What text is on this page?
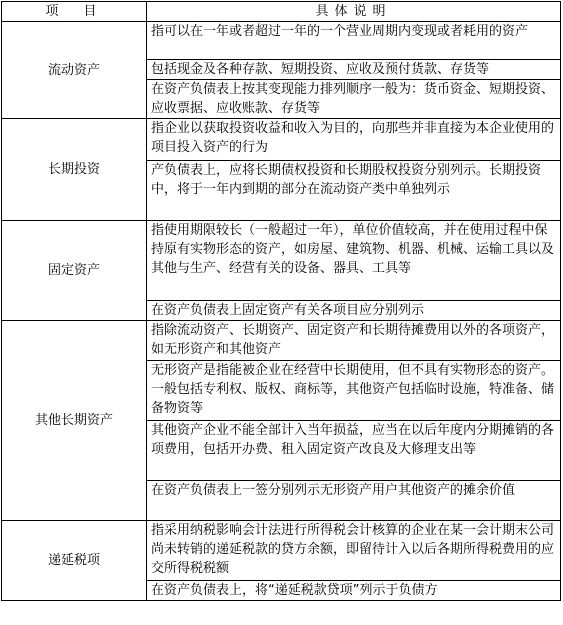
项　目	具体说明
流动资产	指可以在一年或者超过一年的一个营业周期内变现或者耗用的资产
	包括现金及各种存款、短期投资、应收及预付货款、存货等
	在资产负债表上按其变现能力排列顺序一般为：货币资金、短期投资、应收票据、应收账款、存货等
长期投资	指企业以获取投资收益和收入为目的，向那些并非直接为本企业使用的项目投入资产的行为
	产负债表上，应将长期债权投资和长期股权投资分别列示。长期投资中，将于一年内到期的部分在流动资产类中单独列示
固定资产	指使用期限较长（一般超过一年），单位价值较高，并在使用过程中保持原有实物形态的资产，如房屋、建筑物、机器、机械、运输工具以及其他与生产、经营有关的设备、器具、工具等
	在资产负债表上固定资产有关各项目应分别列示
其他长期资产	指除流动资产、长期资产、固定资产和长期待摊费用以外的各项资产，如无形资产和其他资产
	无形资产是指能被企业在经营中长期使用，但不具有实物形态的资产。一般包括专利权、版权、商标等，其他资产包括临时设施，特准备、储备物资等
	其他资产企业不能全部计入当年损益，应当在以后年度内分期摊销的各项费用，包括开办费、租入固定资产改良及大修理支出等
	在资产负债表上一签分别列示无形资产用户其他资产的摊余价值
递延税项	指采用纳税影响会计法进行所得税会计核算的企业在某一会计期末公司尚未转销的递延税款的贷方余额，即留待计入以后各期所得税费用的应交所得税税额
	在资产负债表上，将“递延税款贷项”列示于负债方
